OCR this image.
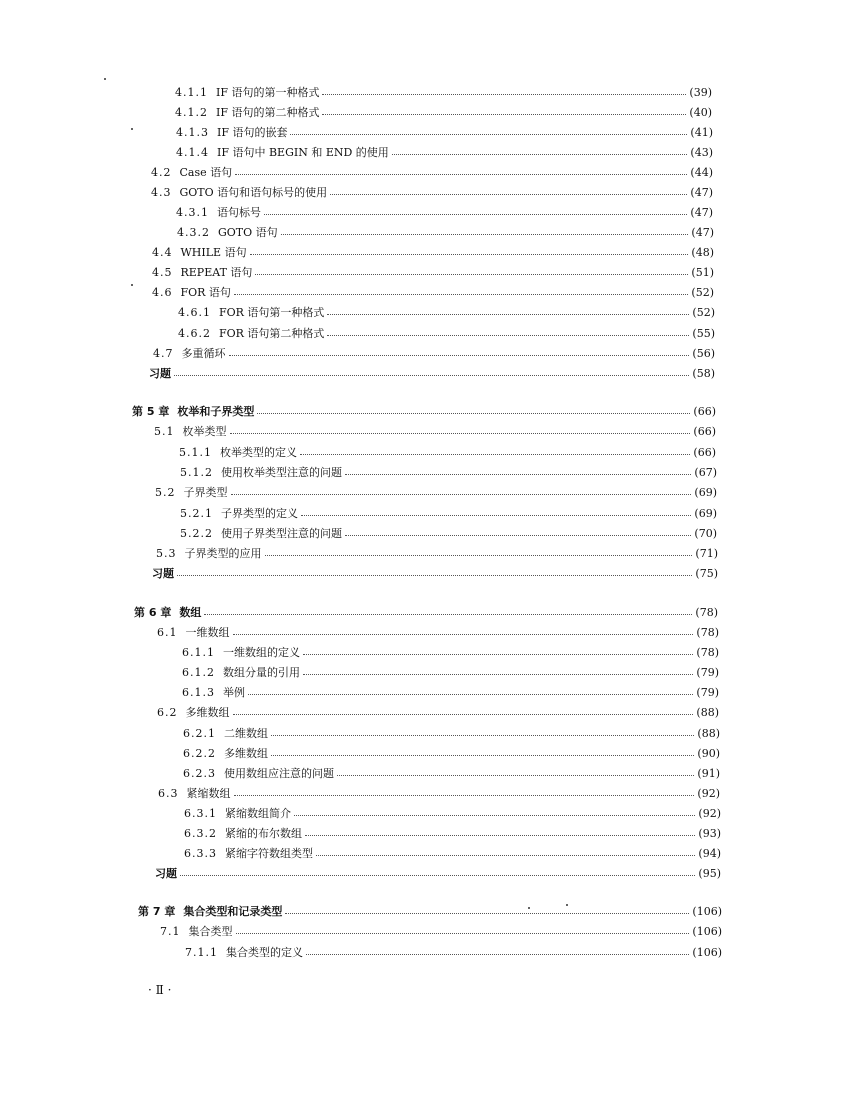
4.1.1 IF 语句的第一种格式	(39)
4.1.2 IF 语句的第二种格式	(40)
4.1.3 IF 语句的嵌套	(41)
4.1.4 IF 语句中 BEGIN 和 END 的使用	(43)
4.2 Case 语句	(44)
4.3 GOTO 语句和语句标号的使用	(47)
4.3.1 语句标号	(47)
4.3.2 GOTO 语句	(47)
4.4 WHILE 语句	(48)
4.5 REPEAT 语句	(51)
4.6 FOR 语句	(52)
4.6.1 FOR 语句第一种格式	(52)
4.6.2 FOR 语句第二种格式	(55)
4.7 多重循环	(56)
习题	(58)
第 5 章 枚举和子界类型	(66)
5.1 枚举类型	(66)
5.1.1 枚举类型的定义	(66)
5.1.2 使用枚举类型注意的问题	(67)
5.2 子界类型	(69)
5.2.1 子界类型的定义	(69)
5.2.2 使用子界类型注意的问题	(70)
5.3 子界类型的应用	(71)
习题	(75)
第 6 章 数组	(78)
6.1 一维数组	(78)
6.1.1 一维数组的定义	(78)
6.1.2 数组分量的引用	(79)
6.1.3 举例	(79)
6.2 多维数组	(88)
6.2.1 二维数组	(88)
6.2.2 多维数组	(90)
6.2.3 使用数组应注意的问题	(91)
6.3 紧缩数组	(92)
6.3.1 紧缩数组简介	(92)
6.3.2 紧缩的布尔数组	(93)
6.3.3 紧缩字符数组类型	(94)
习题	(95)
第 7 章 集合类型和记录类型	(106)
7.1 集合类型	(106)
7.1.1 集合类型的定义	(106)
· Ⅱ ·
